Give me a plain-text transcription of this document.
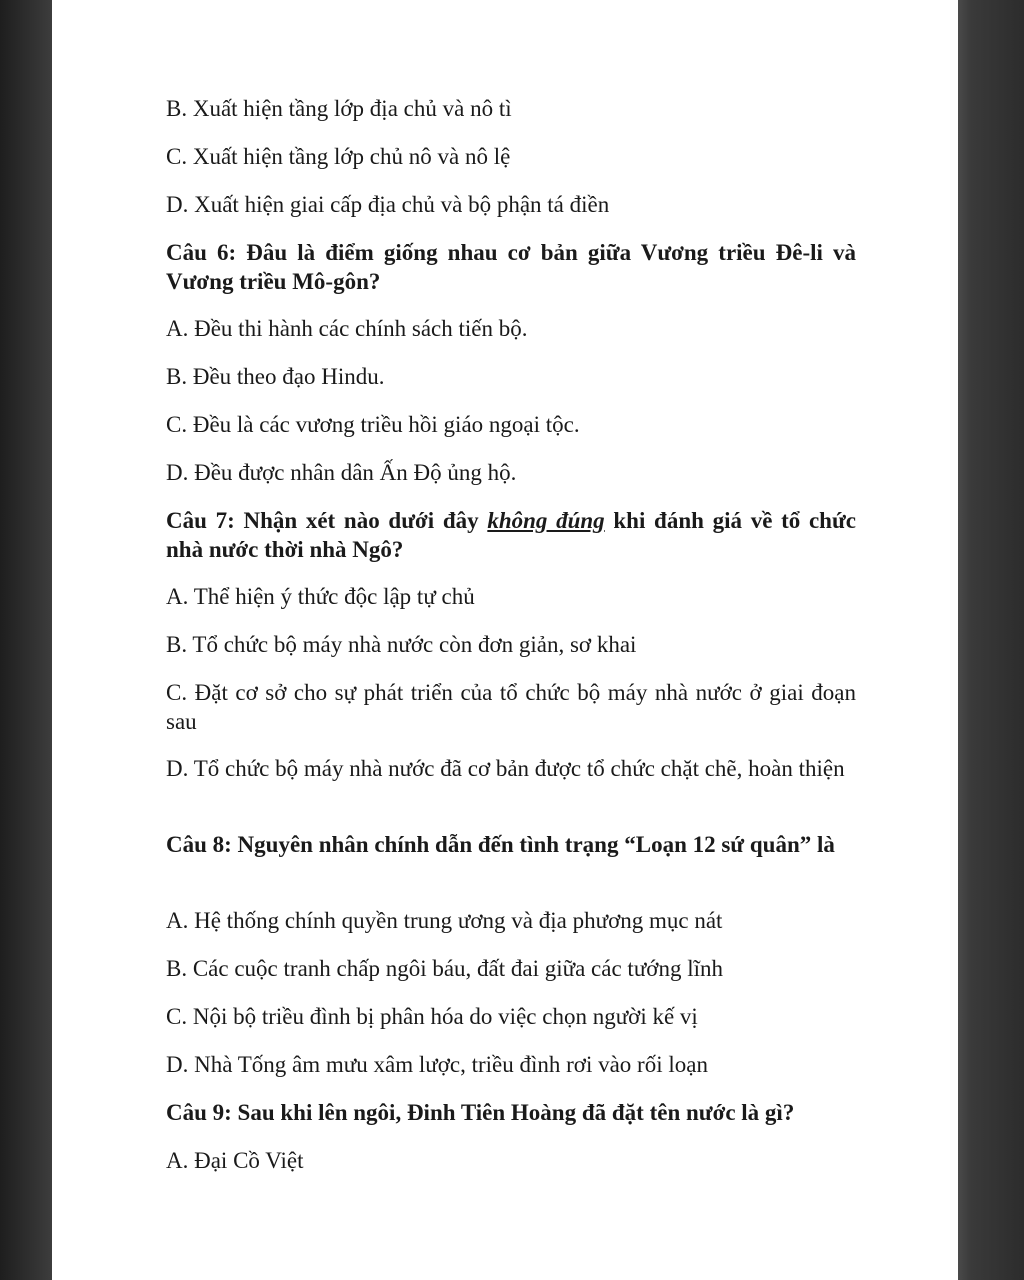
B. Xuất hiện tầng lớp địa chủ và nô tì
C. Xuất hiện tầng lớp chủ nô và nô lệ
D. Xuất hiện giai cấp địa chủ và bộ phận tá điền
Câu 6: Đâu là điểm giống nhau cơ bản giữa Vương triều Đê-li và Vương triều Mô-gôn?
A. Đều thi hành các chính sách tiến bộ.
B. Đều theo đạo Hindu.
C. Đều là các vương triều hồi giáo ngoại tộc.
D. Đều được nhân dân Ấn Độ ủng hộ.
Câu 7: Nhận xét nào dưới đây không đúng khi đánh giá về tổ chức nhà nước thời nhà Ngô?
A. Thể hiện ý thức độc lập tự chủ
B. Tổ chức bộ máy nhà nước còn đơn giản, sơ khai
C. Đặt cơ sở cho sự phát triển của tổ chức bộ máy nhà nước ở giai đoạn sau
D. Tổ chức bộ máy nhà nước đã cơ bản được tổ chức chặt chẽ, hoàn thiện
Câu 8: Nguyên nhân chính dẫn đến tình trạng “Loạn 12 sứ quân” là
A. Hệ thống chính quyền trung ương và địa phương mục nát
B. Các cuộc tranh chấp ngôi báu, đất đai giữa các tướng lĩnh
C. Nội bộ triều đình bị phân hóa do việc chọn người kế vị
D. Nhà Tống âm mưu xâm lược, triều đình rơi vào rối loạn
Câu 9: Sau khi lên ngôi, Đinh Tiên Hoàng đã đặt tên nước là gì?
A. Đại Cồ Việt
